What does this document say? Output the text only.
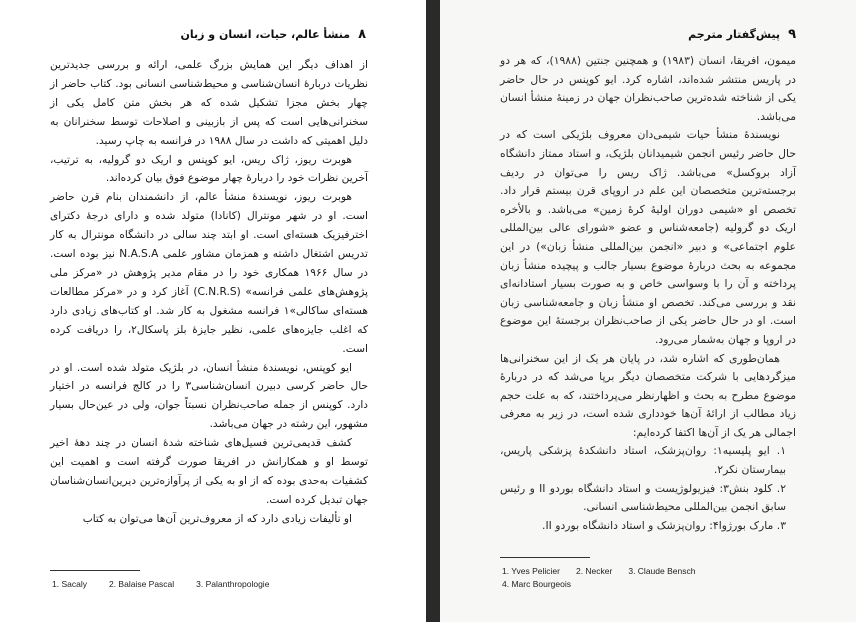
۸
منشأ عالم، حیات، انسان و زبان

از اهداف دیگر این همایش بزرگ علمی، ارائه و بررسی جدیدترین نظریات دربارهٔ انسان‌شناسی و محیط‌شناسی انسانی بود. کتاب حاضر از چهار بخش مجزا تشکیل شده که هر بخش متن کامل یکی از سخنرانی‌هایی است که پس از بازبینی و اصلاحات توسط سخنرانان به دلیل اهمیتی که داشت در سال ۱۹۸۸ در فرانسه به چاپ رسید.

هوبرت ریوز، ژاک ریس، ایو کوپنس و اریک دو گرولیه، به ترتیب، آخرین نظرات خود را دربارهٔ چهار موضوع فوق بیان کرده‌اند.

هوبرت ریوز، نویسندهٔ منشأ عالم، از دانشمندان بنام قرن حاضر است. او در شهر مونترال (کانادا) متولد شده و دارای درجهٔ دکترای اخترفیزیک هسته‌ای است. او ابتد چند سالی در دانشگاه مونترال به کار تدریس اشتغال داشته و همزمان مشاور علمی N.A.S.A نیز بوده است. در سال ۱۹۶۶ همکاری خود را در مقام مدیر پژوهش در «مرکز ملی پژوهش‌های علمی فرانسه» (C.N.R.S) آغاز کرد و در «مرکز مطالعات هسته‌ای ساکالی»۱ فرانسه مشغول به کار شد. او کتاب‌های زیادی دارد که اغلب جایزه‌های علمی، نظیر جایزهٔ بلز پاسکال۲، را دریافت کرده است.

ایو کوپنس، نویسندهٔ منشأ انسان، در بلژیک متولد شده است. او در حال حاضر کرسی دبیرن انسان‌شناسی۳ را در کالج فرانسه در اختیار دارد. کوپنس از جمله صاحب‌نظران نسبتاً جوان، ولی در عین‌حال بسیار مشهور، این رشته در جهان می‌باشد.

کشف قدیمی‌ترین فسیل‌های شناخته شدهٔ انسان در چند دههٔ اخیر توسط او و همکارانش در افریقا صورت گرفته است و اهمیت این کشفیات به‌حدی بوده که از او به یکی از پرآوازه‌ترین دیرین‌انسان‌شناسان جهان تبدیل کرده است.

او تألیفات زیادی دارد که از معروف‌ترین آن‌ها می‌توان به کتاب

1. Sacaly	2. Balaise Pascal	3. Palanthropologie
۹
پیش‌گفتار مترجم

میمون، افریقا، انسان (۱۹۸۳) و همچنین جنتین (۱۹۸۸)، که هر دو در پاریس منتشر شده‌اند، اشاره کرد. ایو کوپنس در حال حاضر یکی از شناخته شده‌ترین صاحب‌نظران جهان در زمینهٔ منشأ انسان می‌باشد.

نویسندهٔ منشأ حیات شیمی‌دان معروف بلژیکی است که در حال حاضر رئیس انجمن شیمیدانان بلژیک، و استاد ممتاز دانشگاه آزاد بروکسل» می‌باشد. ژاک ریس را می‌توان در ردیف برجسته‌ترین متخصصان این علم در اروپای قرن بیستم قرار داد. تخصص او «شیمی دوران اولیهٔ کرهٔ زمین» می‌باشد. و بالأخره اریک دو گرولیه (جامعه‌شناس و عضو «شورای عالی بین‌المللی علوم اجتماعی» و دبیر «انجمن بین‌المللی منشأ زبان») در این مجموعه به بحث دربارهٔ موضوع بسیار جالب و پیچیده منشأ زبان پرداخته و آن را با وسواسی خاص و به صورت بسیار استادانه‌ای نقد و بررسی می‌کند. تخصص او منشأ زبان و جامعه‌شناسی زبان است. او در حال حاضر یکی از صاحب‌نظران برجستهٔ این موضوع در اروپا و جهان به‌شمار می‌رود.

همان‌طوری که اشاره شد، در پایان هر یک از این سخنرانی‌ها میزگردهایی با شرکت متخصصان دیگر برپا می‌شد که در دربارهٔ موضوع مطرح به بحث و اظهارنظر می‌پرداختند، که به علت حجم زیاد مطالب از ارائهٔ آن‌ها خودداری شده است، در زیر به معرفی اجمالی هر یک از آن‌ها اکتفا کرده‌ایم:

۱. ایو پلیسیه۱: روان‌پزشک، استاد دانشکدهٔ پزشکی پاریس، بیمارستان نکر۲.

۲. کلود بنش۳: فیزیولوژیست و استاد دانشگاه بوردو II و رئیس سابق انجمن بین‌المللی محیط‌شناسی انسانی.

۳. مارک بورژوا۴: روان‌پزشک و استاد دانشگاه بوردو II.

1. Yves Pelicier 2. Necker 3. Claude Bensch
4. Marc Bourgeois
